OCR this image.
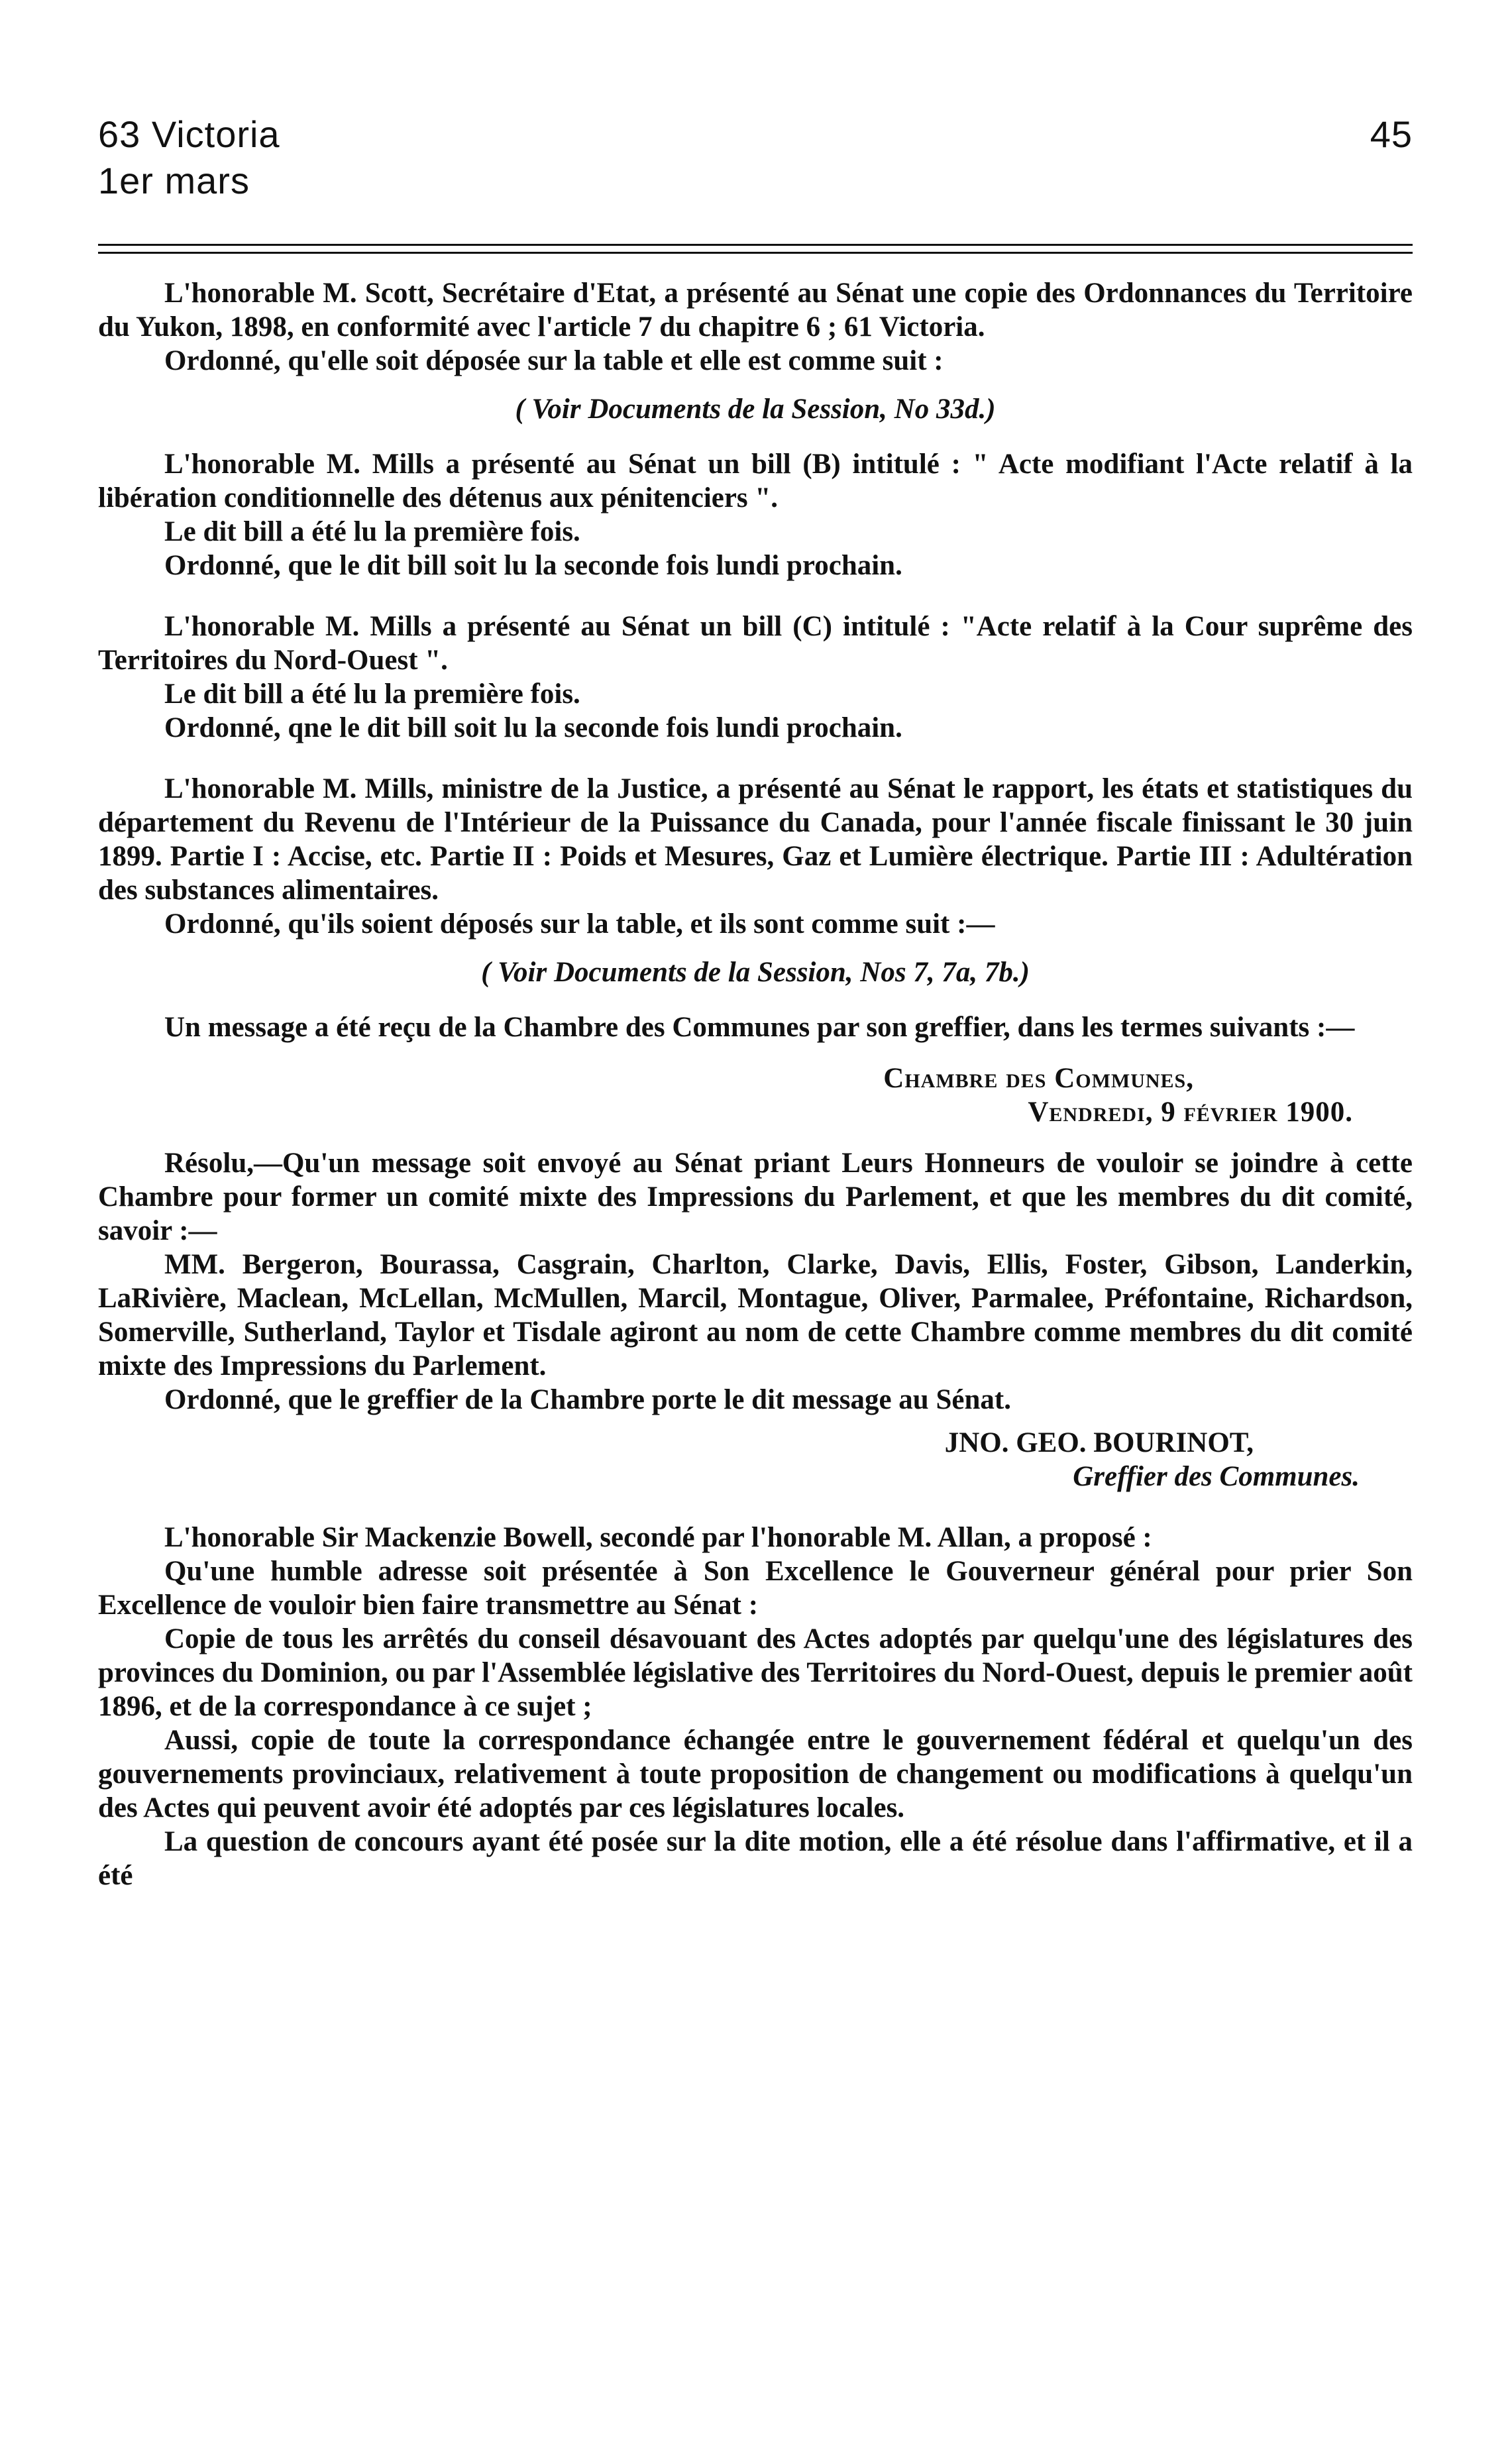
63 Victoria	45
1er mars

L'honorable M. Scott, Secrétaire d'Etat, a présenté au Sénat une copie des Ordonnances du Territoire du Yukon, 1898, en conformité avec l'article 7 du chapitre 6 ; 61 Victoria.

Ordonné, qu'elle soit déposée sur la table et elle est comme suit :

( Voir Documents de la Session, No 33d.)

L'honorable M. Mills a présenté au Sénat un bill (B) intitulé : " Acte modifiant l'Acte relatif à la libération conditionnelle des détenus aux pénitenciers ".

Le dit bill a été lu la première fois.

Ordonné, que le dit bill soit lu la seconde fois lundi prochain.

L'honorable M. Mills a présenté au Sénat un bill (C) intitulé : "Acte relatif à la Cour suprême des Territoires du Nord-Ouest ".

Le dit bill a été lu la première fois.

Ordonné, qne le dit bill soit lu la seconde fois lundi prochain.

L'honorable M. Mills, ministre de la Justice, a présenté au Sénat le rapport, les états et statistiques du département du Revenu de l'Intérieur de la Puissance du Canada, pour l'année fiscale finissant le 30 juin 1899. Partie I : Accise, etc. Partie II : Poids et Mesures, Gaz et Lumière électrique. Partie III : Adultération des substances alimentaires.

Ordonné, qu'ils soient déposés sur la table, et ils sont comme suit :—

( Voir Documents de la Session, Nos 7, 7a, 7b.)

Un message a été reçu de la Chambre des Communes par son greffier, dans les termes suivants :—

Chambre des Communes,
Vendredi, 9 février 1900.

Résolu,—Qu'un message soit envoyé au Sénat priant Leurs Honneurs de vouloir se joindre à cette Chambre pour former un comité mixte des Impressions du Parlement, et que les membres du dit comité, savoir :—

MM. Bergeron, Bourassa, Casgrain, Charlton, Clarke, Davis, Ellis, Foster, Gibson, Landerkin, LaRivière, Maclean, McLellan, McMullen, Marcil, Montague, Oliver, Parmalee, Préfontaine, Richardson, Somerville, Sutherland, Taylor et Tisdale agiront au nom de cette Chambre comme membres du dit comité mixte des Impressions du Parlement.

Ordonné, que le greffier de la Chambre porte le dit message au Sénat.

JNO. GEO. BOURINOT,
Greffier des Communes.

L'honorable Sir Mackenzie Bowell, secondé par l'honorable M. Allan, a proposé :

Qu'une humble adresse soit présentée à Son Excellence le Gouverneur général pour prier Son Excellence de vouloir bien faire transmettre au Sénat :

Copie de tous les arrêtés du conseil désavouant des Actes adoptés par quelqu'une des législatures des provinces du Dominion, ou par l'Assemblée législative des Territoires du Nord-Ouest, depuis le premier août 1896, et de la correspondance à ce sujet ;

Aussi, copie de toute la correspondance échangée entre le gouvernement fédéral et quelqu'un des gouvernements provinciaux, relativement à toute proposition de changement ou modifications à quelqu'un des Actes qui peuvent avoir été adoptés par ces législatures locales.

La question de concours ayant été posée sur la dite motion, elle a été résolue dans l'affirmative, et il a été
